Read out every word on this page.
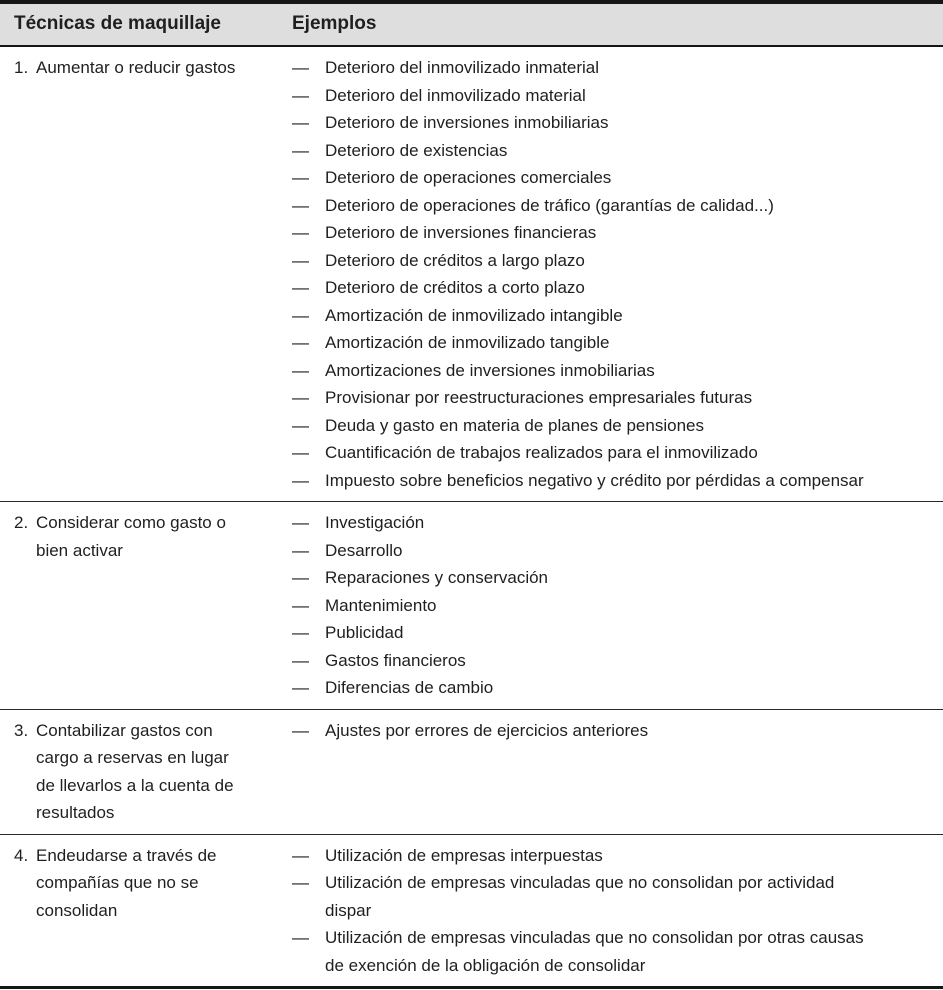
Técnicas de maquillaje	Ejemplos
1. Aumentar o reducir gastos	— Deterioro del inmovilizado inmaterial
— Deterioro del inmovilizado material
— Deterioro de inversiones inmobiliarias
— Deterioro de existencias
— Deterioro de operaciones comerciales
— Deterioro de operaciones de tráfico (garantías de calidad...)
— Deterioro de inversiones financieras
— Deterioro de créditos a largo plazo
— Deterioro de créditos a corto plazo
— Amortización de inmovilizado intangible
— Amortización de inmovilizado tangible
— Amortizaciones de inversiones inmobiliarias
— Provisionar por reestructuraciones empresariales futuras
— Deuda y gasto en materia de planes de pensiones
— Cuantificación de trabajos realizados para el inmovilizado
— Impuesto sobre beneficios negativo y crédito por pérdidas a compensar
2. Considerar como gasto o bien activar
— Investigación
— Desarrollo
— Reparaciones y conservación
— Mantenimiento
— Publicidad
— Gastos financieros
— Diferencias de cambio
3. Contabilizar gastos con cargo a reservas en lugar de llevarlos a la cuenta de resultados
— Ajustes por errores de ejercicios anteriores
4. Endeudarse a través de compañías que no se consolidan
— Utilización de empresas interpuestas
— Utilización de empresas vinculadas que no consolidan por actividad dispar
— Utilización de empresas vinculadas que no consolidan por otras causas de exención de la obligación de consolidar
